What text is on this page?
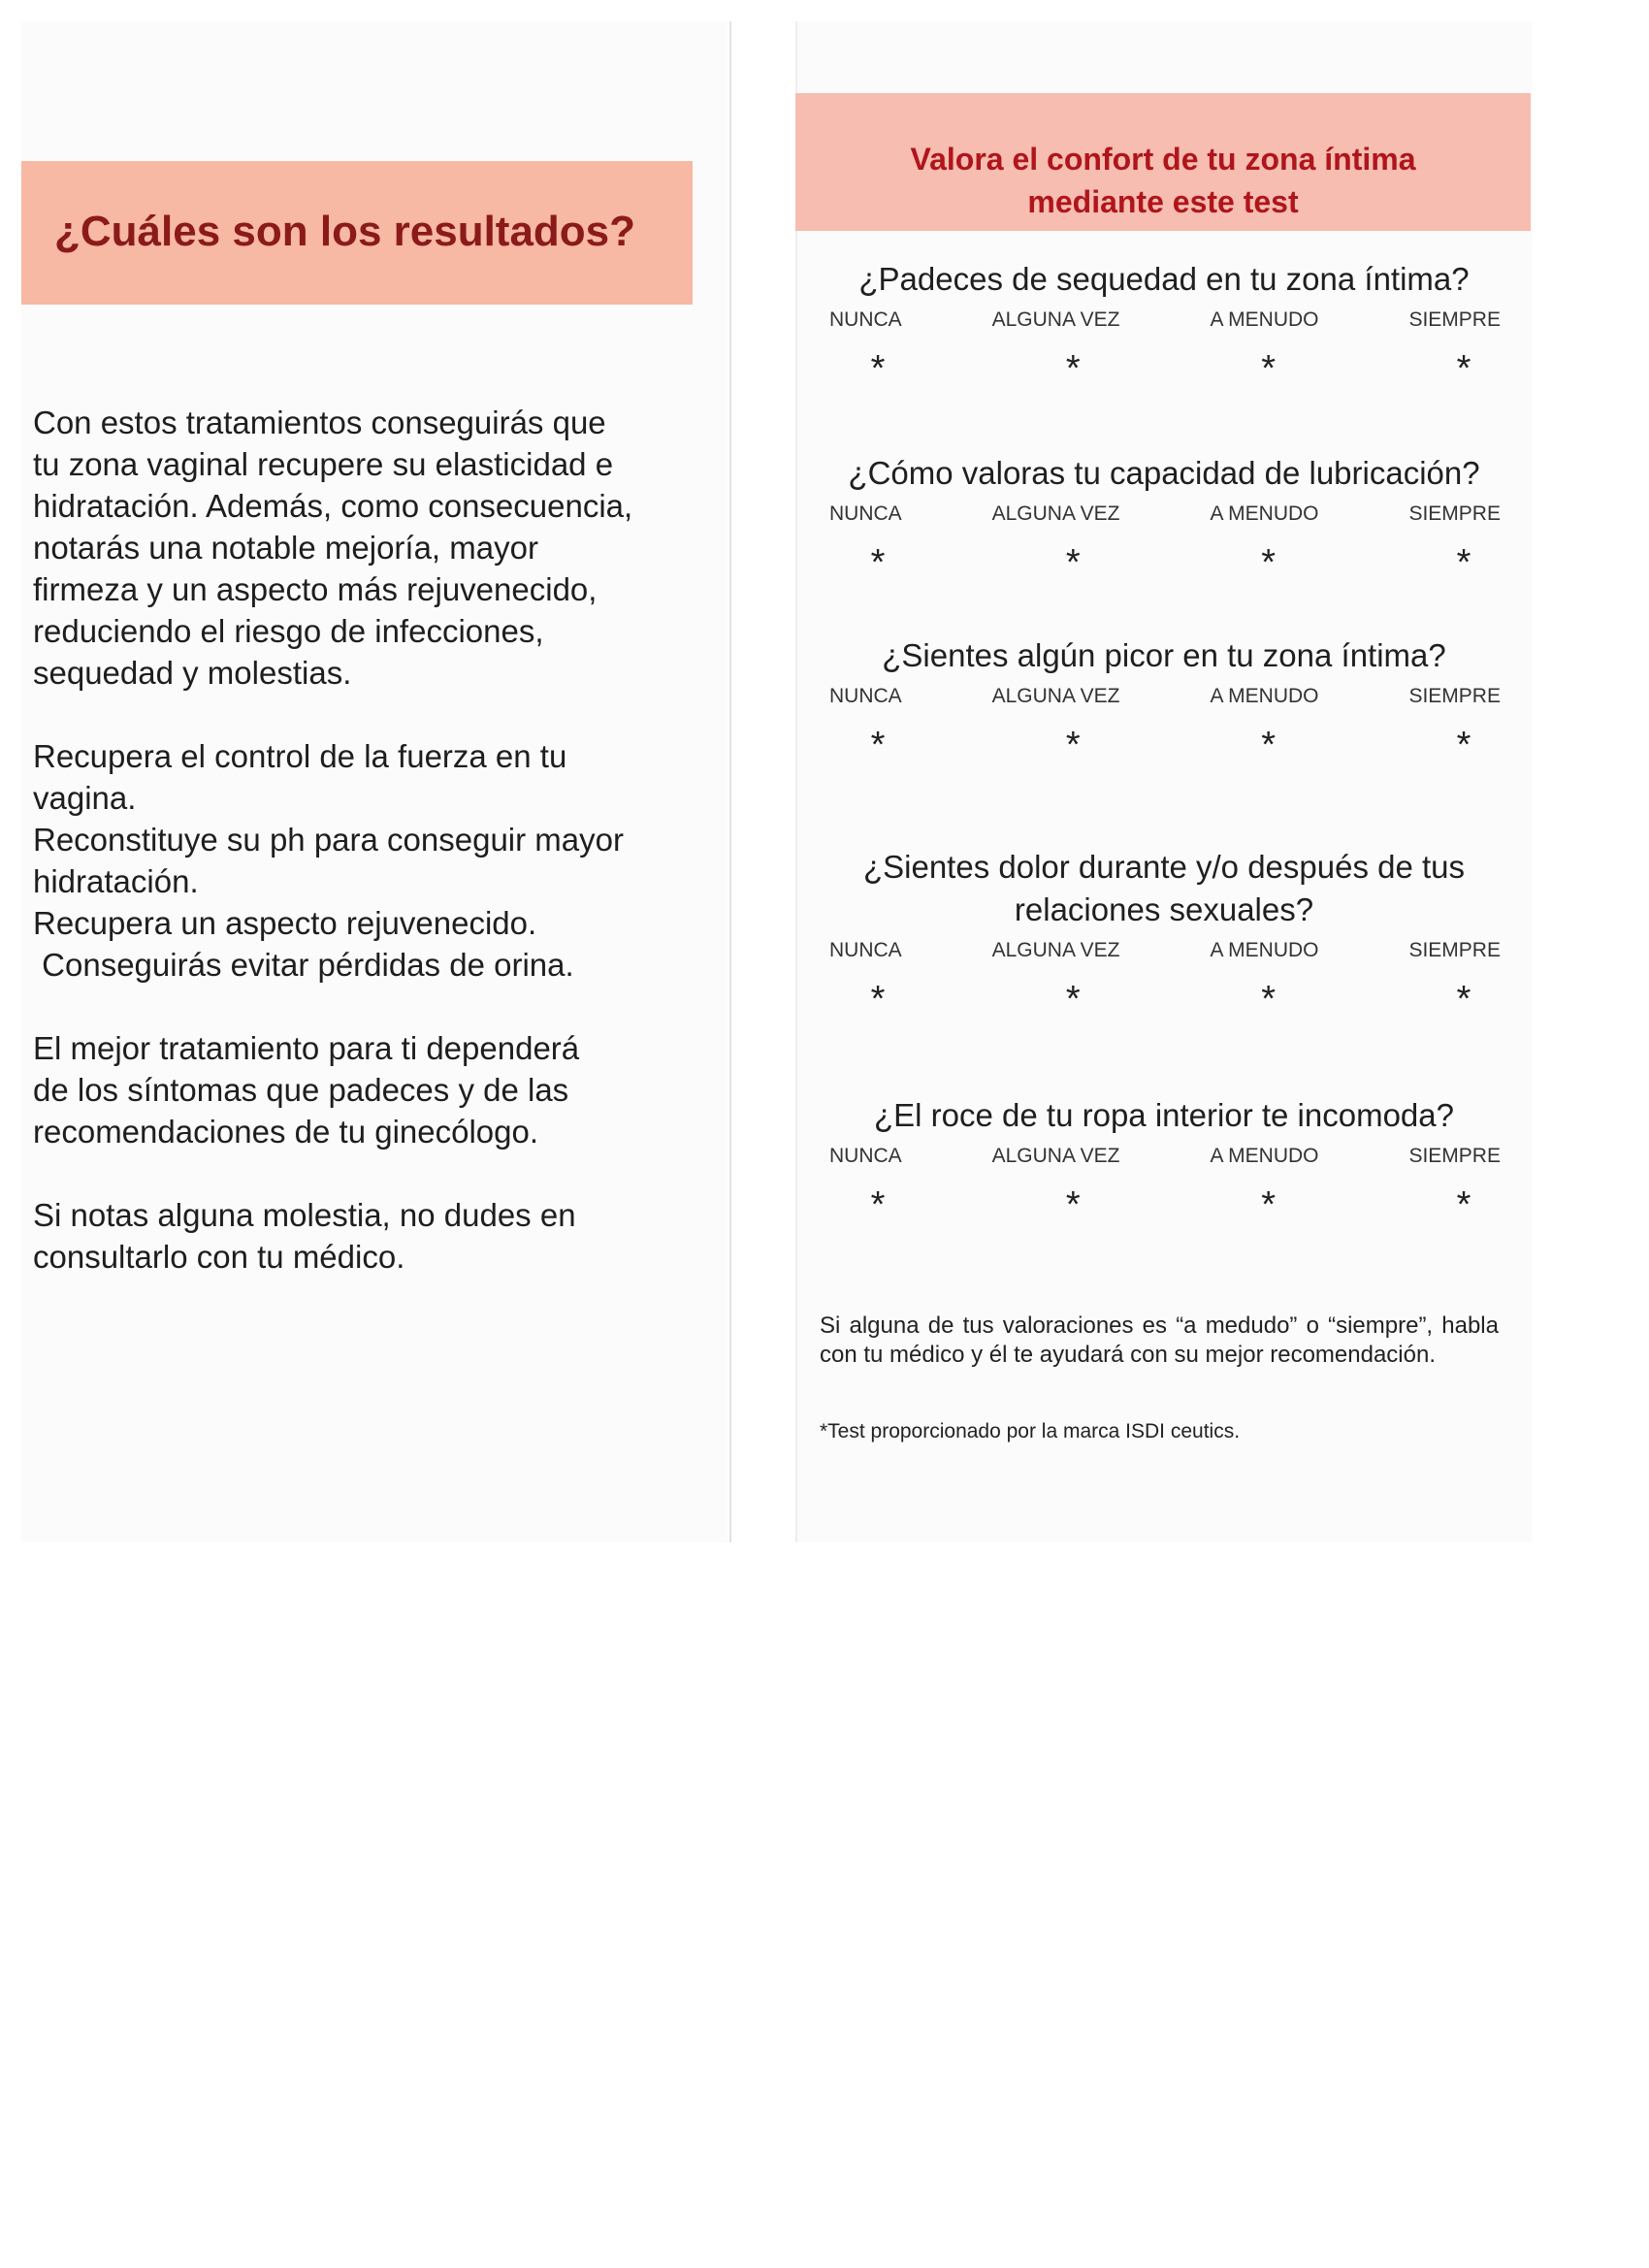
¿Cuáles son los resultados?

Con estos tratamientos conseguirás que
tu zona vaginal recupere su elasticidad e
hidratación. Además, como consecuencia,
notarás una notable mejoría, mayor
firmeza y un aspecto más rejuvenecido,
reduciendo el riesgo de infecciones,
sequedad y molestias.

Recupera el control de la fuerza en tu
vagina.
Reconstituye su ph para conseguir mayor
hidratación.
Recupera un aspecto rejuvenecido.
Conseguirás evitar pérdidas de orina.

El mejor tratamiento para ti dependerá
de los síntomas que padeces y de las
recomendaciones de tu ginecólogo.

Si notas alguna molestia, no dudes en
consultarlo con tu médico.

Valora el confort de tu zona íntima
mediante este test
¿Padeces de sequedad en tu zona íntima?
NUNCA	ALGUNA VEZ	A MENUDO	SIEMPRE
*	*	*	*
¿Cómo valoras tu capacidad de lubricación?
NUNCA	ALGUNA VEZ	A MENUDO	SIEMPRE
*	*	*	*
¿Sientes algún picor en tu zona íntima?
NUNCA	ALGUNA VEZ	A MENUDO	SIEMPRE
*	*	*	*
¿Sientes dolor durante y/o después de tus
relaciones sexuales?
NUNCA	ALGUNA VEZ	A MENUDO	SIEMPRE
*	*	*	*
¿El roce de tu ropa interior te incomoda?
NUNCA	ALGUNA VEZ	A MENUDO	SIEMPRE
*	*	*	*
Si alguna de tus valoraciones es “a medudo” o “siempre”, habla con tu médico y él te ayudará con su mejor recomendación.
*Test proporcionado por la marca ISDI ceutics.
